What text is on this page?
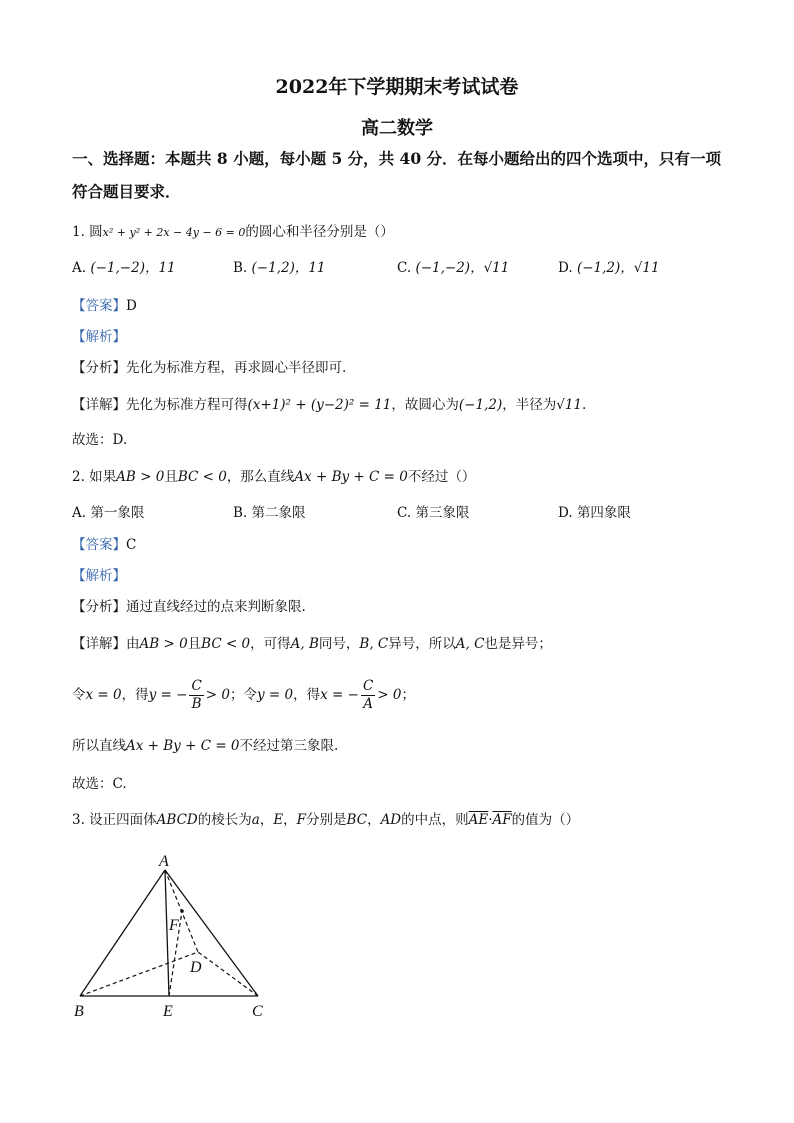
2022年下学期期末考试试卷
高二数学
一、选择题：本题共 8 小题，每小题 5 分，共 40 分．在每小题给出的四个选项中，只有一项符合题目要求．
1. 圆x² + y² + 2x − 4y − 6 = 0的圆心和半径分别是（）
A. (−1,−2)，11	B. (−1,2)，11	C. (−1,−2)，√11	D. (−1,2)，√11
【答案】D
【解析】
【分析】先化为标准方程，再求圆心半径即可.
【详解】先化为标准方程可得(x+1)² + (y−2)² = 11，故圆心为(−1,2)，半径为√11.
故选：D.
2. 如果AB > 0且BC < 0，那么直线Ax + By + C = 0不经过（）
A. 第一象限	B. 第二象限	C. 第三象限	D. 第四象限
【答案】C
【解析】
【分析】通过直线经过的点来判断象限.
【详解】由AB > 0且BC < 0，可得A, B同号，B, C异号，所以A, C也是异号；
令x = 0，得y = − $\frac{C}{B} > 0$；令y = 0，得x = − $\frac{C}{A} > 0$；
所以直线Ax + By + C = 0不经过第三象限.
故选：C.
3. 设正四面体ABCD的棱长为a，E，F分别是BC，AD的中点，则$\overline{AE}\cdot\overline{AF}$的值为（）
A
F
D
B	E	C
